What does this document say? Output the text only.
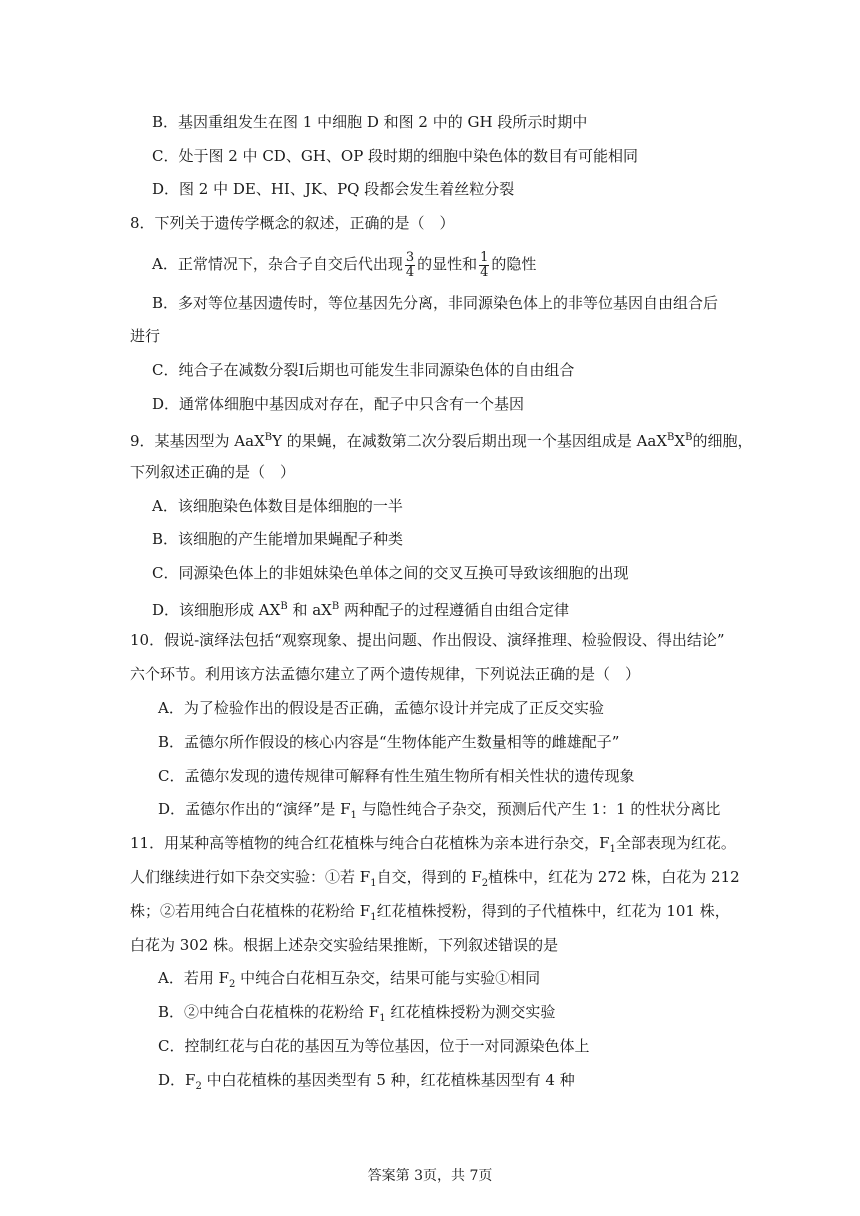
B．基因重组发生在图 1 中细胞 D 和图 2 中的 GH 段所示时期中
C．处于图 2 中 CD、GH、OP 段时期的细胞中染色体的数目有可能相同
D．图 2 中 DE、HI、JK、PQ 段都会发生着丝粒分裂
8．下列关于遗传学概念的叙述，正确的是（　）
A．正常情况下，杂合子自交后代出现 $\frac{3}{4}$ 的显性和 $\frac{1}{4}$ 的隐性
B．多对等位基因遗传时，等位基因先分离，非同源染色体上的非等位基因自由组合后
进行
C．纯合子在减数分裂Ⅰ后期也可能发生非同源染色体的自由组合
D．通常体细胞中基因成对存在，配子中只含有一个基因
9．某基因型为 AaX$^B$Y 的果蝇，在减数第二次分裂后期出现一个基因组成是 $AaX^BX^B$的细胞，
下列叙述正确的是（　）
A．该细胞染色体数目是体细胞的一半
B．该细胞的产生能增加果蝇配子种类
C．同源染色体上的非姐妹染色单体之间的交叉互换可导致该细胞的出现
D．该细胞形成 $AX^B$ 和 $aX^B$ 两种配子的过程遵循自由组合定律
10．假说-演绎法包括“观察现象、提出问题、作出假设、演绎推理、检验假设、得出结论”
六个环节。利用该方法孟德尔建立了两个遗传规律，下列说法正确的是（　）
A．为了检验作出的假设是否正确，孟德尔设计并完成了正反交实验
B．孟德尔所作假设的核心内容是“生物体能产生数量相等的雌雄配子”
C．孟德尔发现的遗传规律可解释有性生殖生物所有相关性状的遗传现象
D．孟德尔作出的“演绎”是 $F_1$ 与隐性纯合子杂交，预测后代产生 1：1 的性状分离比
11．用某种高等植物的纯合红花植株与纯合白花植株为亲本进行杂交，$F_1$全部表现为红花。
人们继续进行如下杂交实验：①若 $F_1$自交，得到的 $F_2$植株中，红花为 272 株，白花为 212
株；②若用纯合白花植株的花粉给 $F_1$红花植株授粉，得到的子代植株中，红花为 101 株，
白花为 302 株。根据上述杂交实验结果推断，下列叙述错误的是
A．若用 $F_2$ 中纯合白花相互杂交，结果可能与实验①相同
B．②中纯合白花植株的花粉给 $F_1$ 红花植株授粉为测交实验
C．控制红花与白花的基因互为等位基因，位于一对同源染色体上
D．$F_2$ 中白花植株的基因类型有 5 种，红花植株基因型有 4 种
答案第 3页，共 7页
